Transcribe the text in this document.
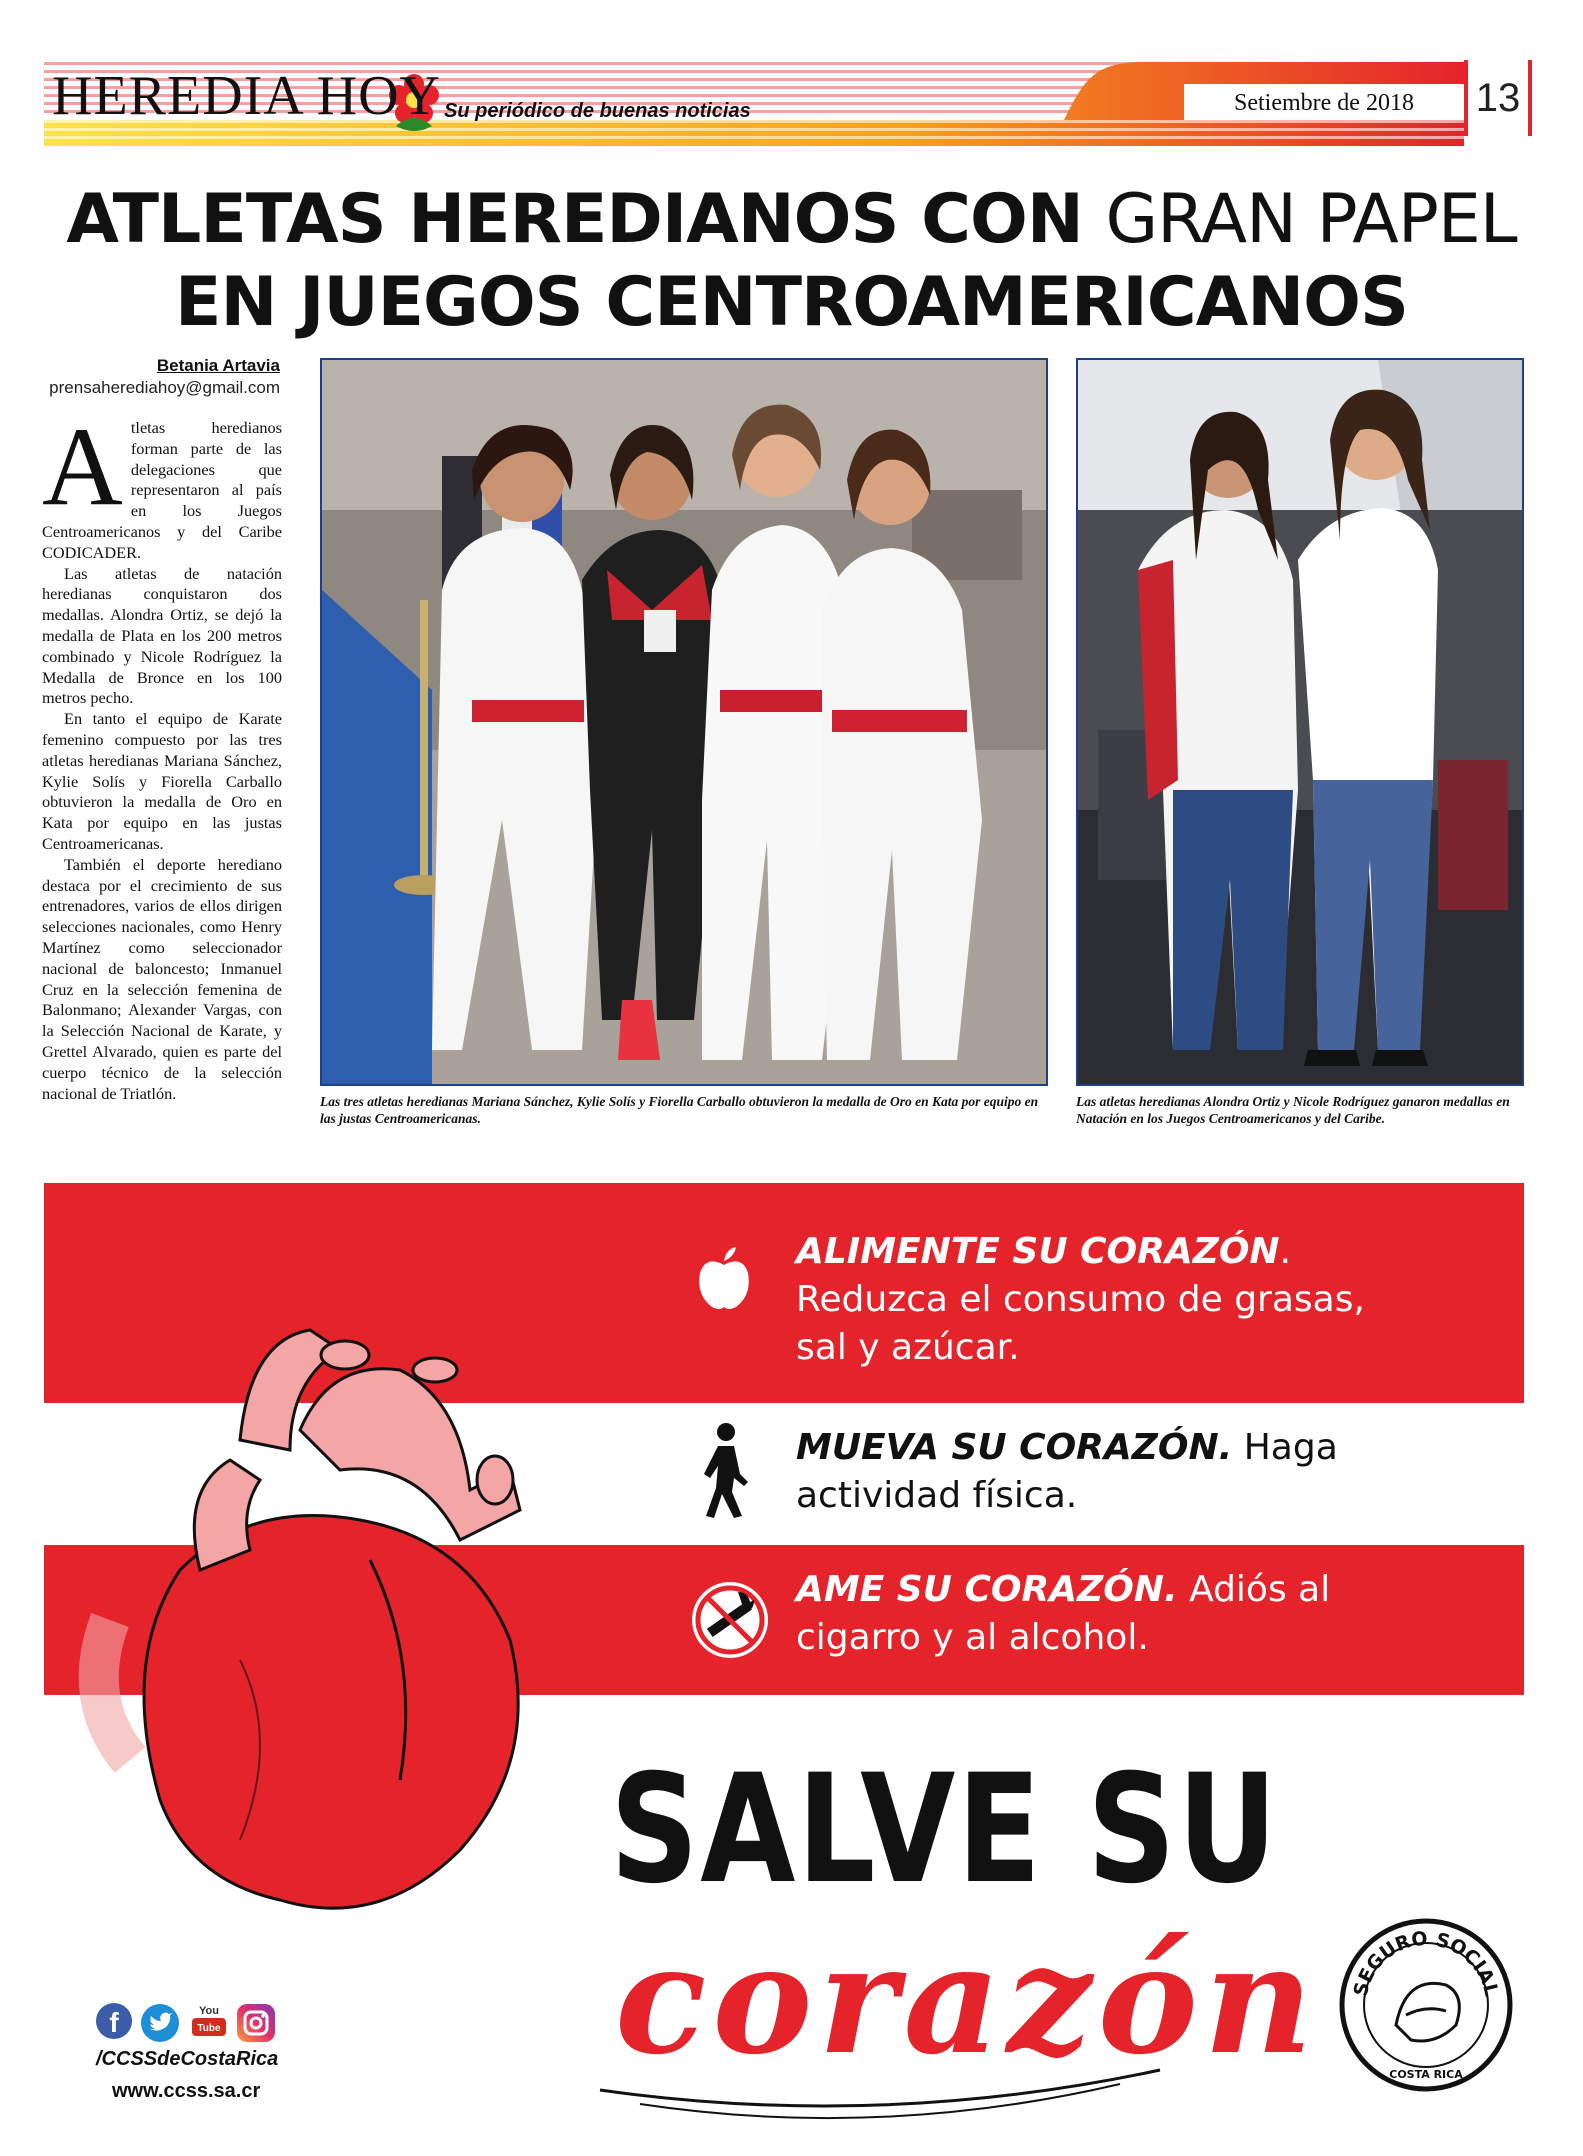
HEREDIA HOY Su periódico de buenas noticias	Setiembre de 2018 13
ATLETAS HEREDIANOS CON GRAN PAPEL
EN JUEGOS CENTROAMERICANOS
Betania Artavia
prensaherediahoy@gmail.com

Atletas heredianos forman parte de las delegaciones que representaron al país en los Juegos Centroamericanos y del Caribe CODICADER.

Las atletas de natación heredianas conquistaron dos medallas. Alondra Ortiz, se dejó la medalla de Plata en los 200 metros combinado y Nicole Rodríguez la Medalla de Bronce en los 100 metros pecho.

En tanto el equipo de Karate femenino compuesto por las tres atletas heredianas Mariana Sánchez, Kylie Solís y Fiorella Carballo obtuvieron la medalla de Oro en Kata por equipo en las justas Centroamericanas.

También el deporte herediano destaca por el crecimiento de sus entrenadores, varios de ellos dirigen selecciones nacionales, como Henry Martínez como seleccionador nacional de baloncesto; Inmanuel Cruz en la selección femenina de Balonmano; Alexander Vargas, con la Selección Nacional de Karate, y Grettel Alvarado, quien es parte del cuerpo técnico de la selección nacional de Triatlón.	Las tres atletas heredianas Mariana Sánchez, Kylie Solís y Fiorella Carballo obtuvieron la medalla de Oro en Kata por equipo en las justas Centroamericanas.
Las atletas heredianas Alondra Ortiz y Nicole Rodríguez ganaron medallas en Natación en los Juegos Centroamericanos y del Caribe.
ALIMENTE SU CORAZÓN.
Reduzca el consumo de grasas,
sal y azúcar.
MUEVA SU CORAZÓN. Haga
actividad física.
AME SU CORAZÓN. Adiós al
cigarro y al alcohol.
SALVE SU
corazón
f	You
Tube
/CCSSdeCostaRica
www.ccss.sa.cr
SEGURO SOCIAL
COSTA RICA
